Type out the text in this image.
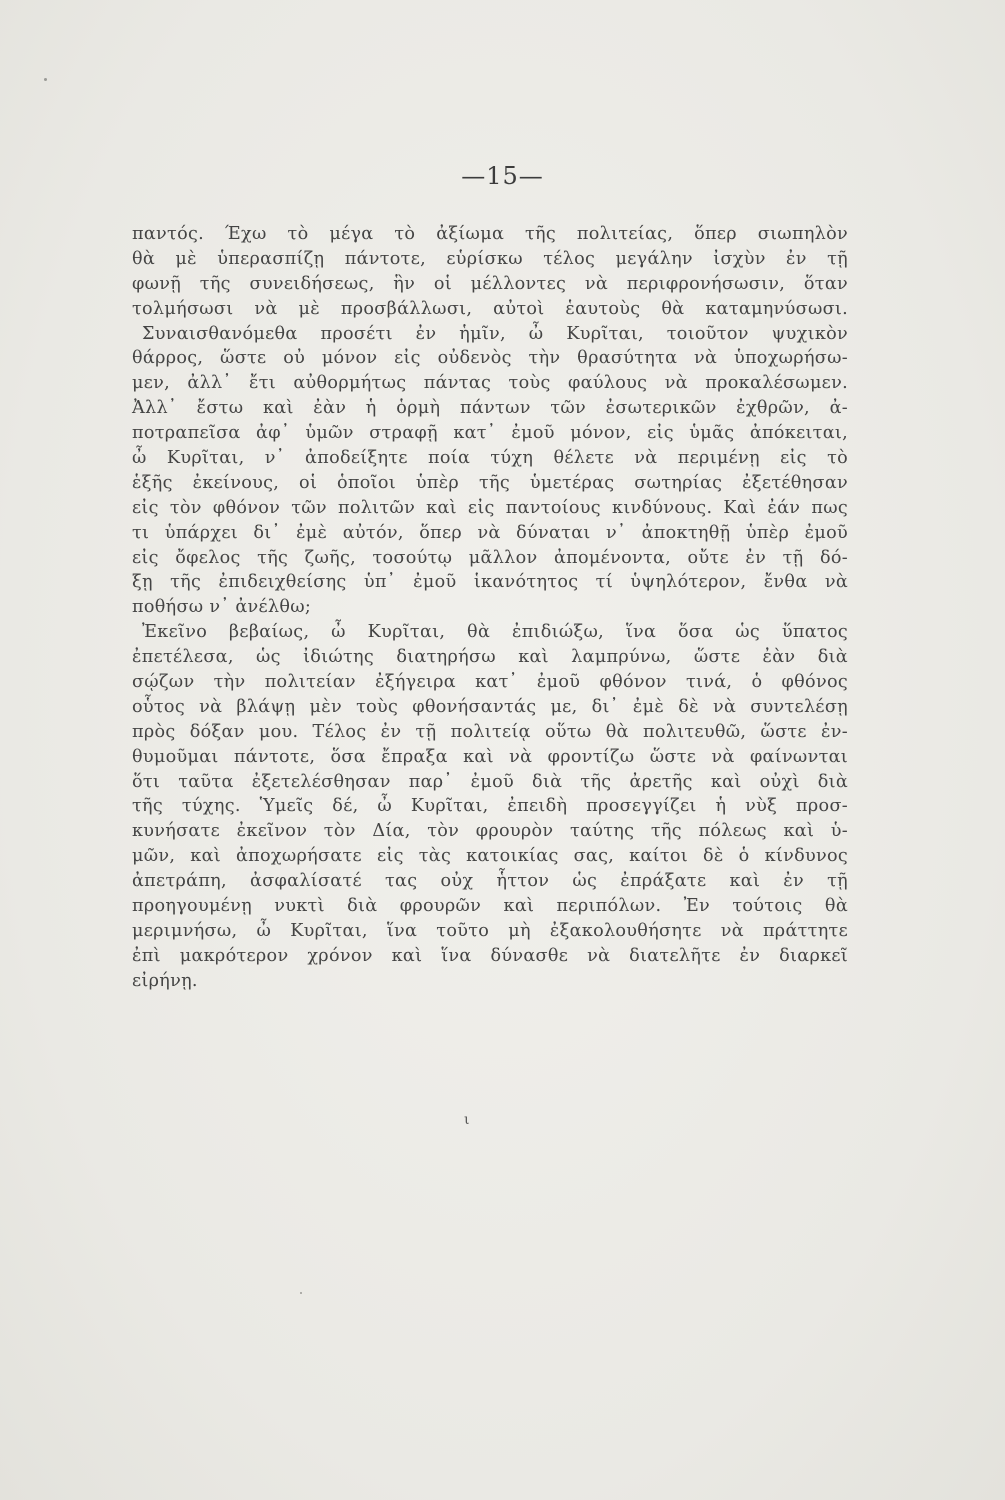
—15—
παντός. Έχω τὸ μέγα τὸ ἀξίωμα τῆς πολιτείας, ὅπερ σιωπηλὸν
θὰ μὲ ὑπερασπίζῃ πάντοτε, εὑρίσκω τέλος μεγάλην ἰσχὺν ἐν τῇ
φωνῇ τῆς συνειδήσεως, ἣν οἱ μέλλοντες νὰ περιφρονήσωσιν, ὅταν
τολμήσωσι νὰ μὲ προσβάλλωσι, αὐτοὶ ἑαυτοὺς θὰ καταμηνύσωσι.
Συναισθανόμεθα προσέτι ἐν ἡμῖν, ὦ Κυρῖται, τοιοῦτον ψυχικὸν
θάρρος, ὥστε οὐ μόνον εἰς οὐδενὸς τὴν θρασύτητα νὰ ὑποχωρήσω-
μεν, ἀλλ᾽ ἔτι αὐθορμήτως πάντας τοὺς φαύλους νὰ προκαλέσωμεν.
Ἀλλ᾽ ἔστω καὶ ἐὰν ἡ ὁρμὴ πάντων τῶν ἐσωτερικῶν ἐχθρῶν, ἀ-
ποτραπεῖσα ἀφ᾽ ὑμῶν στραφῇ κατ᾽ ἐμοῦ μόνον, εἰς ὑμᾶς ἀπόκειται,
ὦ Κυρῖται, ν᾽ ἀποδείξητε ποία τύχη θέλετε νὰ περιμένῃ εἰς τὸ
ἑξῆς ἐκείνους, οἱ ὁποῖοι ὑπὲρ τῆς ὑμετέρας σωτηρίας ἐξετέθησαν
εἰς τὸν φθόνον τῶν πολιτῶν καὶ εἰς παντοίους κινδύνους. Καὶ ἐάν πως
τι ὑπάρχει δι᾽ ἐμὲ αὐτόν, ὅπερ νὰ δύναται ν᾽ ἀποκτηθῇ ὑπὲρ ἐμοῦ
εἰς ὄφελος τῆς ζωῆς, τοσούτῳ μᾶλλον ἀπομένοντα, οὔτε ἐν τῇ δό-
ξῃ τῆς ἐπιδειχθείσης ὑπ᾽ ἐμοῦ ἱκανότητος τί ὑψηλότερον, ἔνθα νὰ
ποθήσω ν᾽ ἀνέλθω;
Ἐκεῖνο βεβαίως, ὦ Κυρῖται, θὰ ἐπιδιώξω, ἵνα ὅσα ὡς ὕπατος
ἐπετέλεσα, ὡς ἰδιώτης διατηρήσω καὶ λαμπρύνω, ὥστε ἐὰν διὰ
σῴζων τὴν πολιτείαν ἐξήγειρα κατ᾽ ἐμοῦ φθόνον τινά, ὁ φθόνος
οὗτος νὰ βλάψῃ μὲν τοὺς φθονήσαντάς με, δι᾽ ἐμὲ δὲ νὰ συντελέσῃ
πρὸς δόξαν μου. Τέλος ἐν τῇ πολιτείᾳ οὕτω θὰ πολιτευθῶ, ὥστε ἐν-
θυμοῦμαι πάντοτε, ὅσα ἔπραξα καὶ νὰ φροντίζω ὥστε νὰ φαίνωνται
ὅτι ταῦτα ἐξετελέσθησαν παρ᾽ ἐμοῦ διὰ τῆς ἀρετῆς καὶ οὐχὶ διὰ
τῆς τύχης. Ὑμεῖς δέ, ὦ Κυρῖται, ἐπειδὴ προσεγγίζει ἡ νὺξ προσ-
κυνήσατε ἐκεῖνον τὸν Δία, τὸν φρουρὸν ταύτης τῆς πόλεως καὶ ὑ-
μῶν, καὶ ἀποχωρήσατε εἰς τὰς κατοικίας σας, καίτοι δὲ ὁ κίνδυνος
ἀπετράπη, ἀσφαλίσατέ τας οὐχ ἧττον ὡς ἐπράξατε καὶ ἐν τῇ
προηγουμένῃ νυκτὶ διὰ φρουρῶν καὶ περιπόλων. Ἐν τούτοις θὰ
μεριμνήσω, ὦ Κυρῖται, ἵνα τοῦτο μὴ ἐξακολουθήσητε νὰ πράττητε
ἐπὶ μακρότερον χρόνον καὶ ἵνα δύνασθε νὰ διατελῆτε ἐν διαρκεῖ
εἰρήνῃ.
ι
